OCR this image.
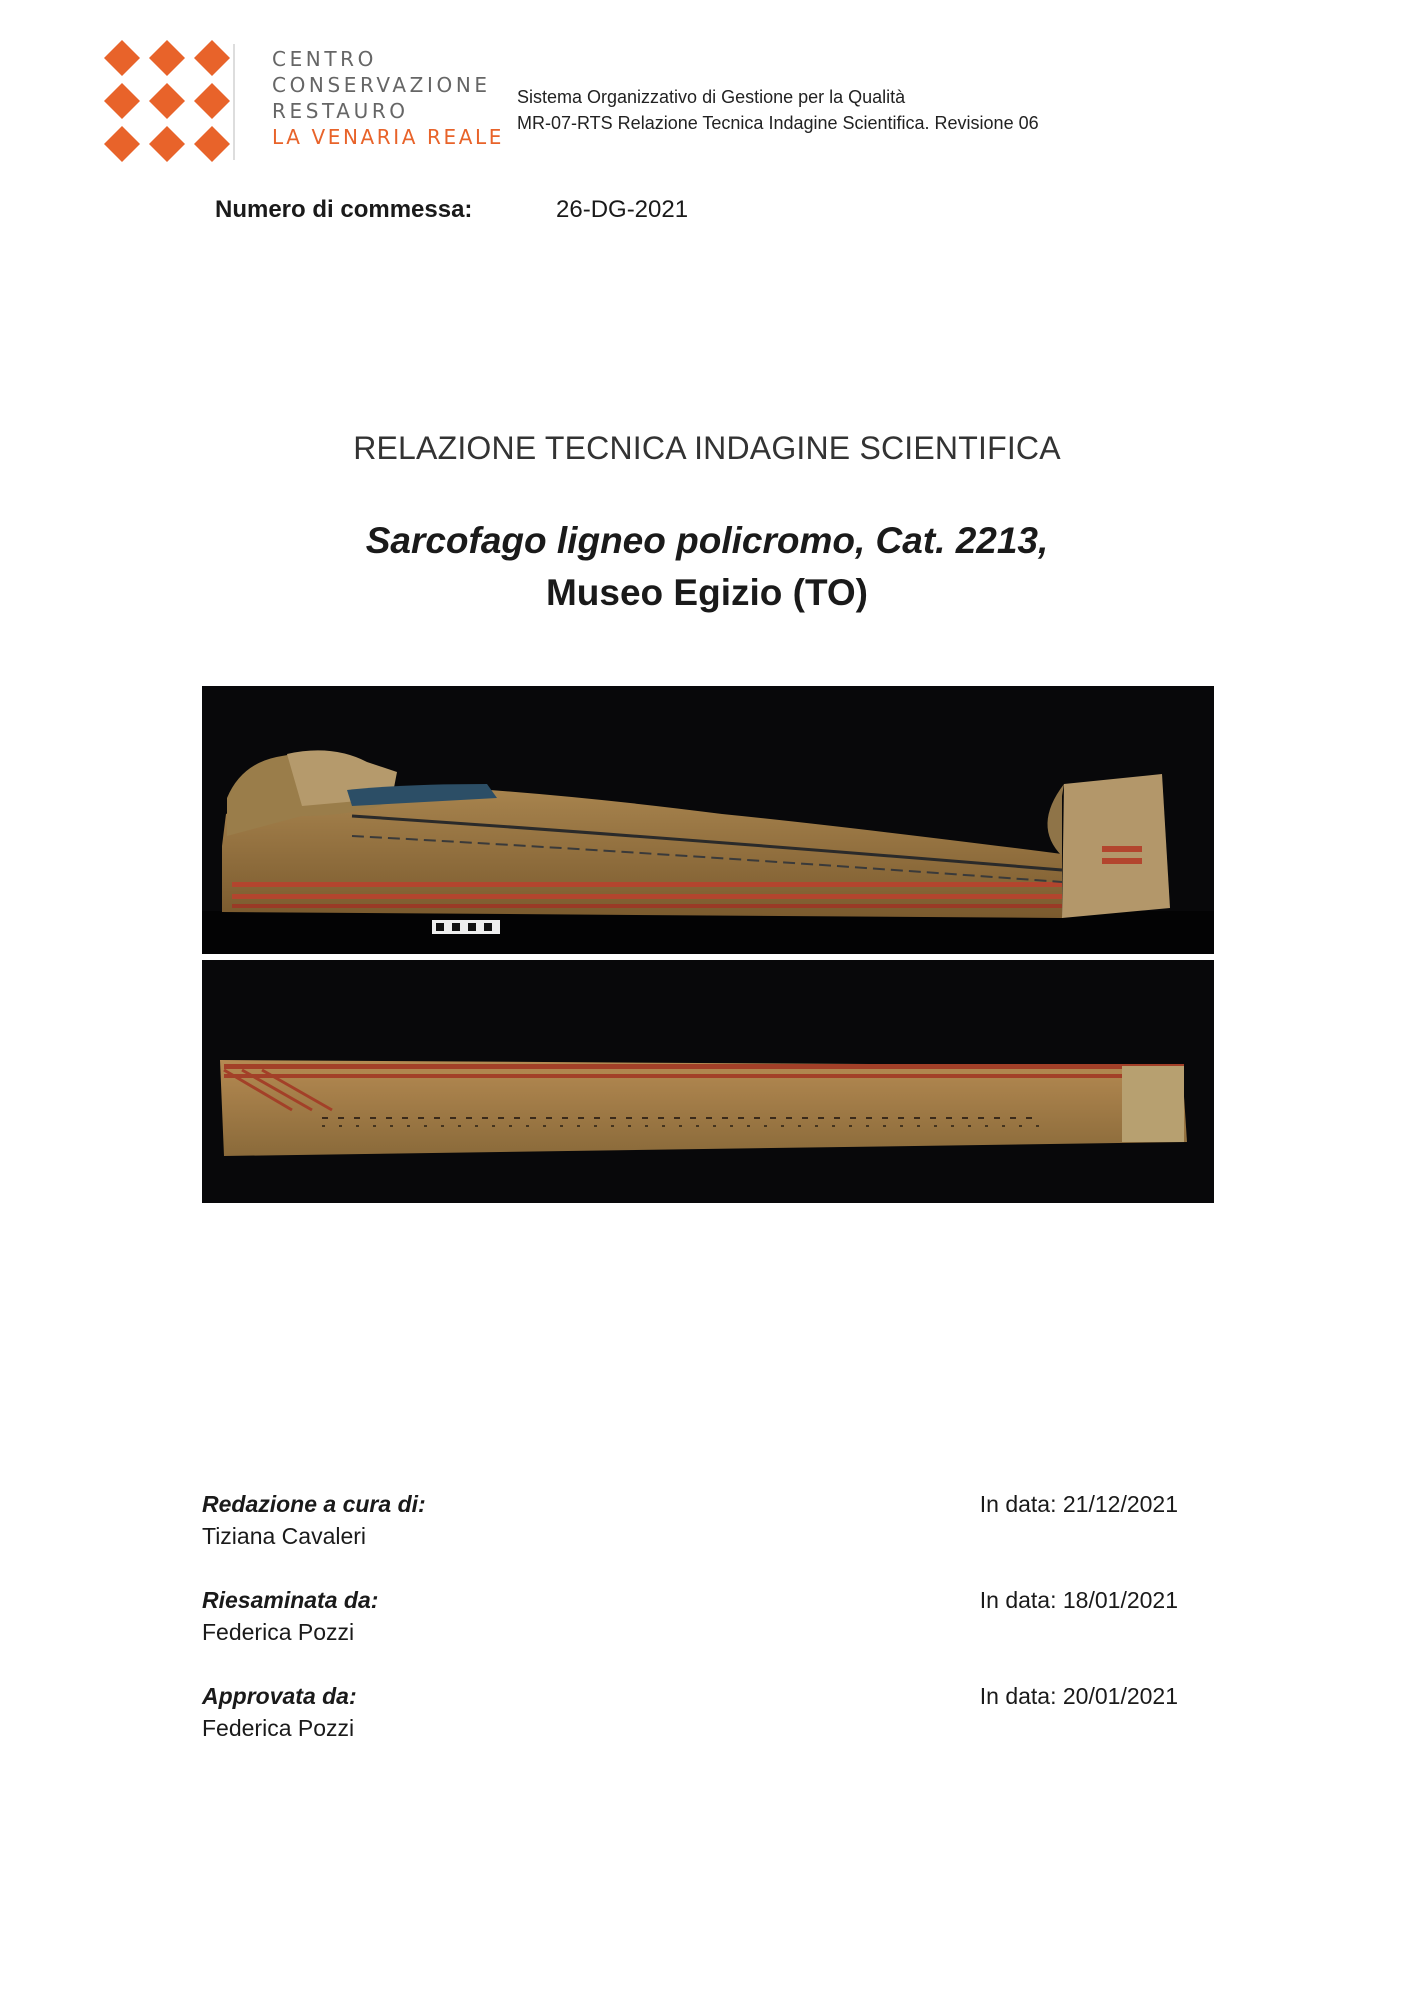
CENTRO
CONSERVAZIONE
RESTAURO
LA VENARIA REALE
Sistema Organizzativo di Gestione per la Qualità
MR-07-RTS Relazione Tecnica Indagine Scientifica. Revisione 06
Numero di commessa:	26-DG-2021
RELAZIONE TECNICA INDAGINE SCIENTIFICA
Sarcofago ligneo policromo, Cat. 2213,
Museo Egizio (TO)
Redazione a cura di:
Tiziana Cavaleri
In data: 21/12/2021
Riesaminata da:
Federica Pozzi
In data: 18/01/2021
Approvata da:
Federica Pozzi
In data: 20/01/2021
